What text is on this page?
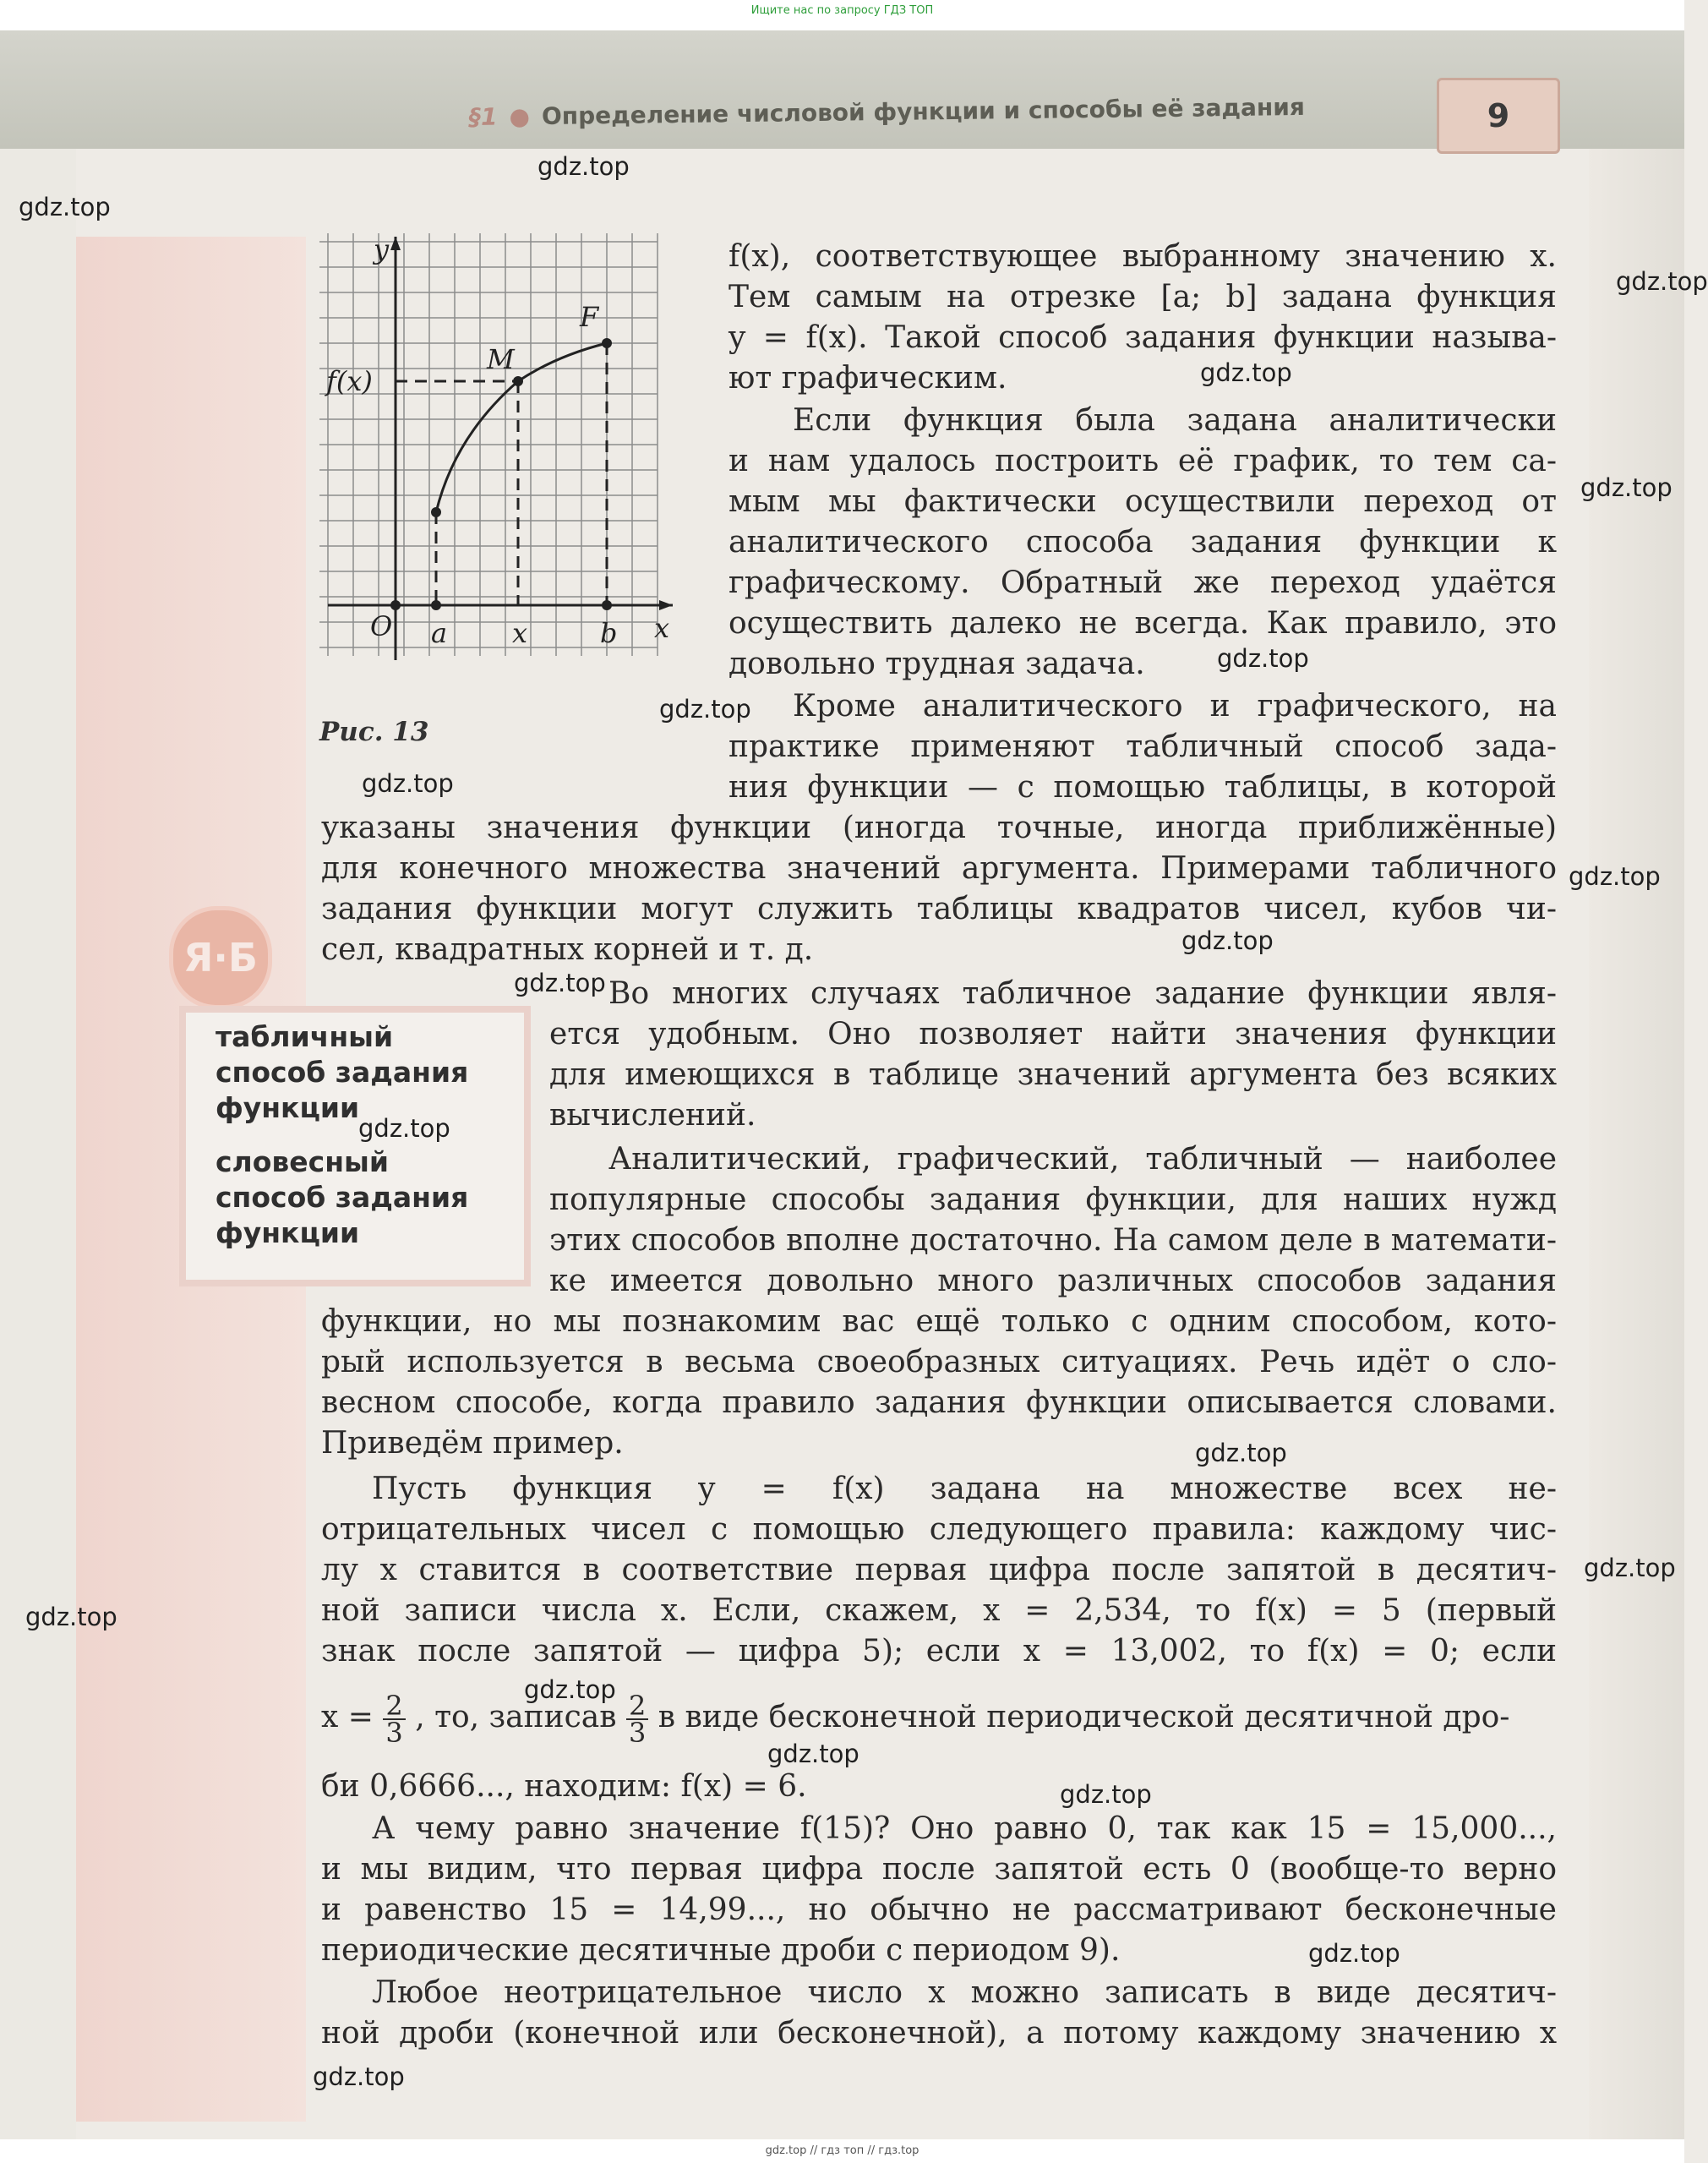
Ищите нас по запросу ГДЗ ТОП
§1 ● Определение числовой функции и способы её задания	9
y
f(x)
M
F
O a x	b x
Рис. 13
Я·Б
табличный
способ задания
функции
словесный
способ задания
функции
f(x), соответствующее выбранному значению x.
Тем самым на отрезке [a; b] задана функция
y = f(x). Такой способ задания функции называ-
ют графическим.
Если функция была задана аналитически
и нам удалось построить её график, то тем са-
мым мы фактически осуществили переход от
аналитического способа задания функции к
графическому. Обратный же переход удаётся
осуществить далеко не всегда. Как правило, это
довольно трудная задача.
Кроме аналитического и графического, на
практике применяют табличный способ зада-
ния функции — с помощью таблицы, в которой
указаны значения функции (иногда точные, иногда приближённые)
для конечного множества значений аргумента. Примерами табличного
задания функции могут служить таблицы квадратов чисел, кубов чи-
сел, квадратных корней и т. д.
Во многих случаях табличное задание функции явля-
ется удобным. Оно позволяет найти значения функции
для имеющихся в таблице значений аргумента без всяких
вычислений.
Аналитический, графический, табличный — наиболее
популярные способы задания функции, для наших нужд
этих способов вполне достаточно. На самом деле в математи-
ке имеется довольно много различных способов задания
функции, но мы познакомим вас ещё только с одним способом, кото-
рый используется в весьма своеобразных ситуациях. Речь идёт о сло-
весном способе, когда правило задания функции описывается словами.
Приведём пример.
Пусть функция y = f(x) задана на множестве всех не-
отрицательных чисел с помощью следующего правила: каждому чис-
лу x ставится в соответствие первая цифра после запятой в десятич-
ной записи числа x. Если, скажем, x = 2,534, то f(x) = 5 (первый
знак после запятой — цифра 5); если x = 13,002, то f(x) = 0; если
$x = \frac{2}{3}$ , то, записав $\frac{2}{3}$ в виде бесконечной периодической десятичной дро-
би 0,6666..., находим: f(x) = 6.
А чему равно значение f(15)? Оно равно 0, так как 15 = 15,000...,
и мы видим, что первая цифра после запятой есть 0 (вообще-то верно
и равенство 15 = 14,99..., но обычно не рассматривают бесконечные
периодические десятичные дроби с периодом 9).
Любое неотрицательное число x можно записать в виде десятич-
ной дроби (конечной или бесконечной), а потому каждому значению x
gdz.top
gdz.top
gdz.top
gdz.top
gdz.top
gdz.top
gdz.top
gdz.top
gdz.top
gdz.top
gdz.top
gdz.top
gdz.top
gdz.top
gdz.top
gdz.top
gdz.top
gdz.top
gdz.top
gdz.top
gdz.top // гдз топ // гдз.top
